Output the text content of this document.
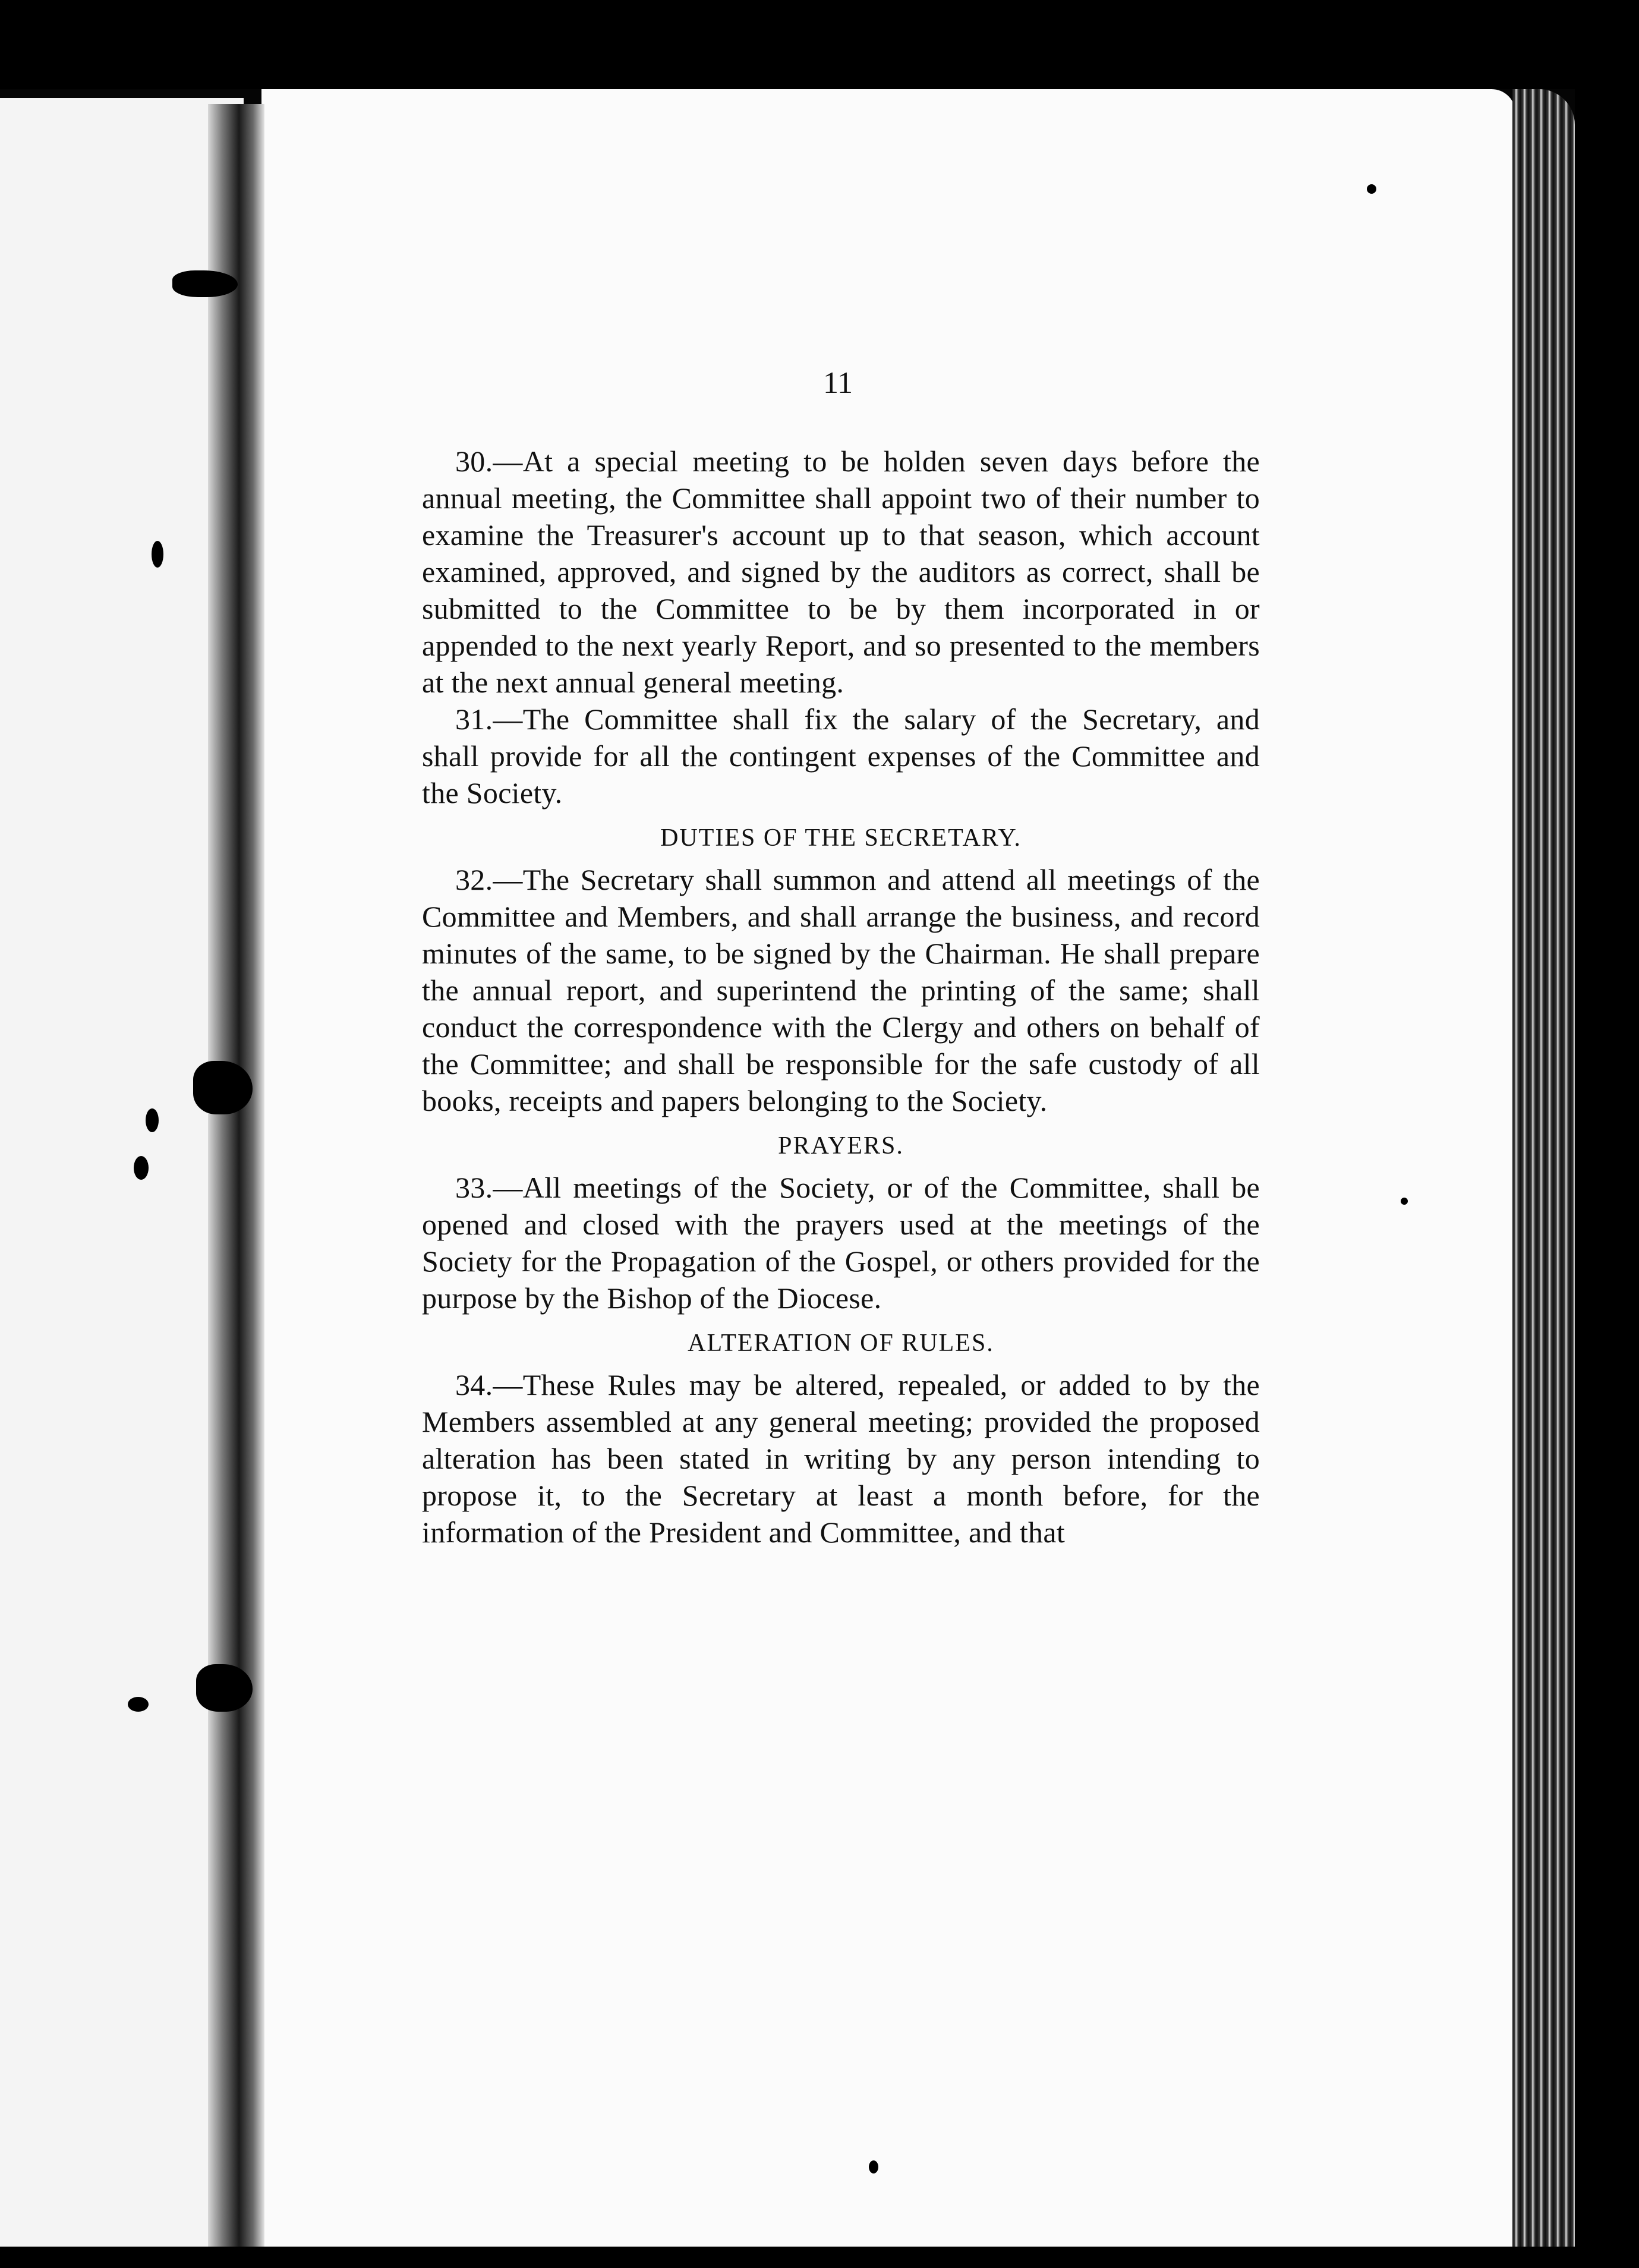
11

30.—At a special meeting to be holden seven days before the annual meeting, the Committee shall appoint two of their number to examine the Treasurer's account up to that season, which account examined, approved, and signed by the auditors as correct, shall be submitted to the Committee to be by them incorporated in or appended to the next yearly Report, and so presented to the members at the next annual general meeting.

31.—The Committee shall fix the salary of the Secretary, and shall provide for all the contingent expenses of the Committee and the Society.

DUTIES OF THE SECRETARY.

32.—The Secretary shall summon and attend all meetings of the Committee and Members, and shall arrange the business, and record minutes of the same, to be signed by the Chairman. He shall prepare the annual report, and superintend the printing of the same; shall conduct the correspondence with the Clergy and others on behalf of the Committee; and shall be responsible for the safe custody of all books, receipts and papers belonging to the Society.

PRAYERS.

33.—All meetings of the Society, or of the Committee, shall be opened and closed with the prayers used at the meetings of the Society for the Propagation of the Gospel, or others provided for the purpose by the Bishop of the Diocese.

ALTERATION OF RULES.

34.—These Rules may be altered, repealed, or added to by the Members assembled at any general meeting; provided the proposed alteration has been stated in writing by any person intending to propose it, to the Secretary at least a month before, for the information of the President and Committee, and that
